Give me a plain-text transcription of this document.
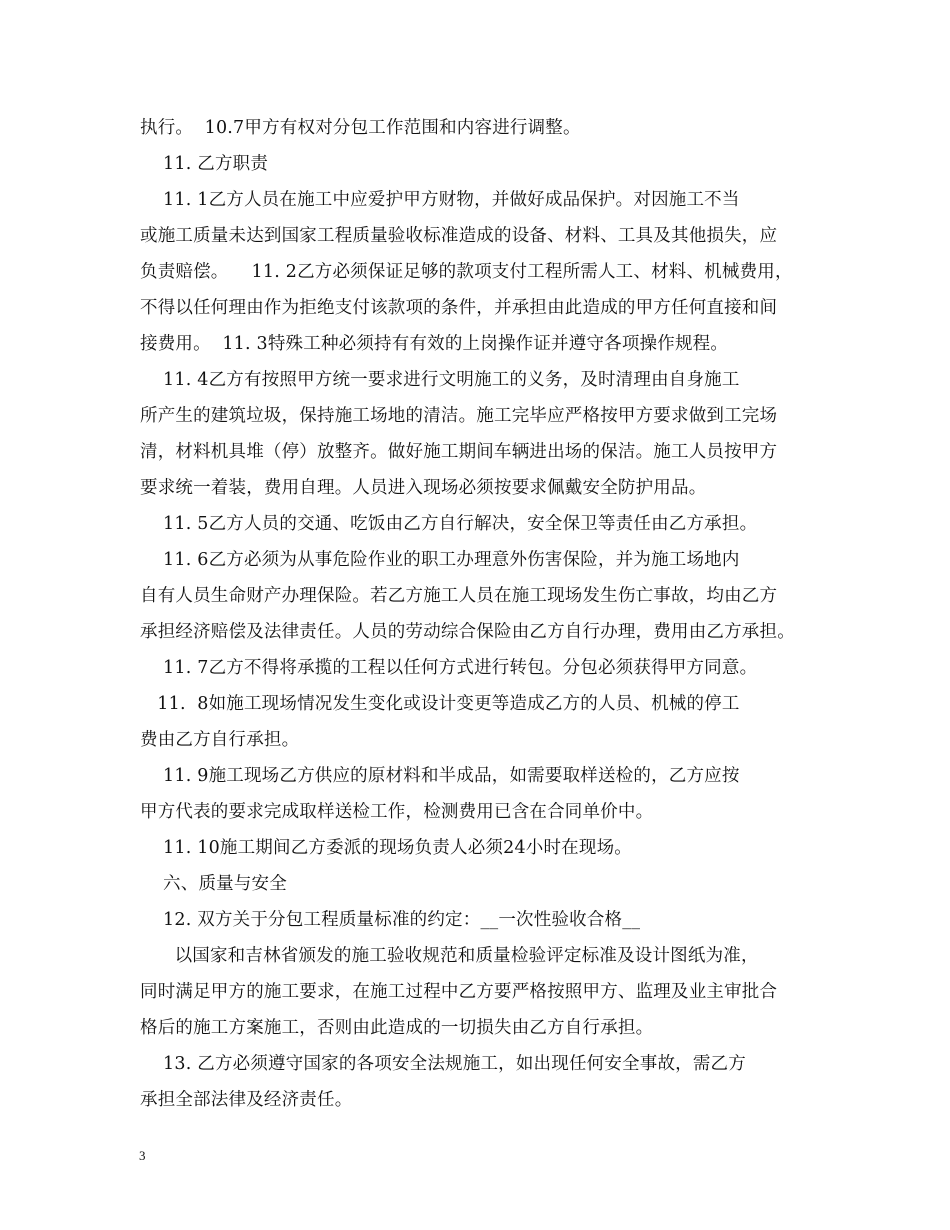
执行。  10.7甲方有权对分包工作范围和内容进行调整。
11. 乙方职责
11. 1乙方人员在施工中应爱护甲方财物，并做好成品保护。对因施工不当
或施工质量未达到国家工程质量验收标准造成的设备、材料、工具及其他损失，应
负责赔偿。    11. 2乙方必须保证足够的款项支付工程所需人工、材料、机械费用，
不得以任何理由作为拒绝支付该款项的条件，并承担由此造成的甲方任何直接和间
接费用。  11. 3特殊工种必须持有有效的上岗操作证并遵守各项操作规程。
11. 4乙方有按照甲方统一要求进行文明施工的义务，及时清理由自身施工
所产生的建筑垃圾，保持施工场地的清洁。施工完毕应严格按甲方要求做到工完场
清，材料机具堆（停）放整齐。做好施工期间车辆进出场的保洁。施工人员按甲方
要求统一着装，费用自理。人员进入现场必须按要求佩戴安全防护用品。
11. 5乙方人员的交通、吃饭由乙方自行解决，安全保卫等责任由乙方承担。
11. 6乙方必须为从事危险作业的职工办理意外伤害保险，并为施工场地内
自有人员生命财产办理保险。若乙方施工人员在施工现场发生伤亡事故，均由乙方
承担经济赔偿及法律责任。人员的劳动综合保险由乙方自行办理，费用由乙方承担。
11. 7乙方不得将承揽的工程以任何方式进行转包。分包必须获得甲方同意。
11.  8如施工现场情况发生变化或设计变更等造成乙方的人员、机械的停工
费由乙方自行承担。
11. 9施工现场乙方供应的原材料和半成品，如需要取样送检的，乙方应按
甲方代表的要求完成取样送检工作，检测费用已含在合同单价中。
11. 10施工期间乙方委派的现场负责人必须24小时在现场。
六、质量与安全
12. 双方关于分包工程质量标准的约定：__一次性验收合格__
以国家和吉林省颁发的施工验收规范和质量检验评定标准及设计图纸为准，
同时满足甲方的施工要求，在施工过程中乙方要严格按照甲方、监理及业主审批合
格后的施工方案施工，否则由此造成的一切损失由乙方自行承担。
13. 乙方必须遵守国家的各项安全法规施工，如出现任何安全事故，需乙方
承担全部法律及经济责任。
3
